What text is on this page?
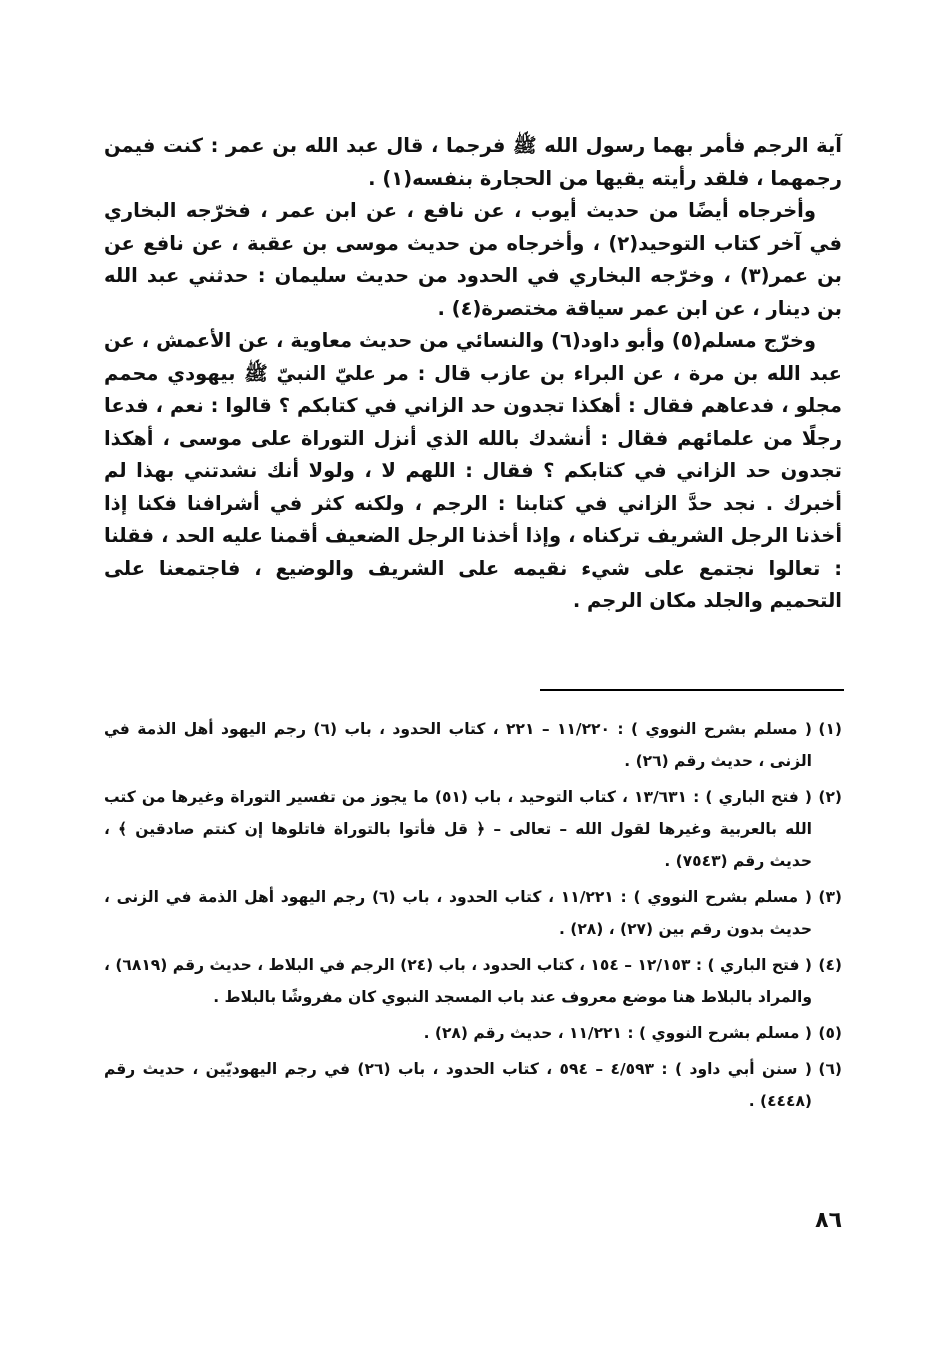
آية الرجم فأمر بهما رسول الله ﷺ فرجما ، قال عبد الله بن عمر : كنت فيمن رجمهما ، فلقد رأيته يقيها من الحجارة بنفسه(١) .

وأخرجاه أيضًا من حديث أيوب ، عن نافع ، عن ابن عمر ، فخرّجه البخاري في آخر كتاب التوحيد(٢) ، وأخرجاه من حديث موسى بن عقبة ، عن نافع عن بن عمر(٣) ، وخرّجه البخاري في الحدود من حديث سليمان : حدثني عبد الله بن دينار ، عن ابن عمر سياقة مختصرة(٤) .

وخرّج مسلم(٥) وأبو داود(٦) والنسائي من حديث معاوية ، عن الأعمش ، عن عبد الله بن مرة ، عن البراء بن عازب قال : مر عليّ النبيّ ﷺ بيهودي محمم مجلو ، فدعاهم فقال : أهكذا تجدون حد الزاني في كتابكم ؟ قالوا : نعم ، فدعا رجلًا من علمائهم فقال : أنشدك بالله الذي أنزل التوراة على موسى ، أهكذا تجدون حد الزاني في كتابكم ؟ فقال : اللهم لا ، ولولا أنك نشدتني بهذا لم أخبرك . نجد حدَّ الزاني في كتابنا : الرجم ، ولكنه كثر في أشرافنا فكنا إذا أخذنا الرجل الشريف تركناه ، وإذا أخذنا الرجل الضعيف أقمنا عليه الحد ، فقلنا : تعالوا نجتمع على شيء نقيمه على الشريف والوضيع ، فاجتمعنا على التحميم والجلد مكان الرجم .

(١)
( مسلم بشرح النووي ) : ١١/٢٢٠ – ٢٢١ ، كتاب الحدود ، باب (٦) رجم اليهود أهل الذمة في الزنى ، حديث رقم (٢٦) .
(٢)
( فتح الباري ) : ١٣/٦٣١ ، كتاب التوحيد ، باب (٥١) ما يجوز من تفسير التوراة وغيرها من كتب الله بالعربية وغيرها لقول الله – تعالى – ﴿ قل فأتوا بالتوراة فاتلوها إن كنتم صادقين ﴾ ، حديث رقم (٧٥٤٣) .
(٣)
( مسلم بشرح النووي ) : ١١/٢٢١ ، كتاب الحدود ، باب (٦) رجم اليهود أهل الذمة في الزنى ، حديث بدون رقم بين (٢٧) ، (٢٨) .
(٤)
( فتح الباري ) : ١٢/١٥٣ – ١٥٤ ، كتاب الحدود ، باب (٢٤) الرجم في البلاط ، حديث رقم (٦٨١٩) ، والمراد بالبلاط هنا موضع معروف عند باب المسجد النبوي كان مفروشًا بالبلاط .
(٥)
( مسلم بشرح النووي ) : ١١/٢٢١ ، حديث رقم (٢٨) .
(٦)
( سنن أبي داود ) : ٤/٥٩٣ – ٥٩٤ ، كتاب الحدود ، باب (٢٦) في رجم اليهوديّين ، حديث رقم (٤٤٤٨) .
٨٦
